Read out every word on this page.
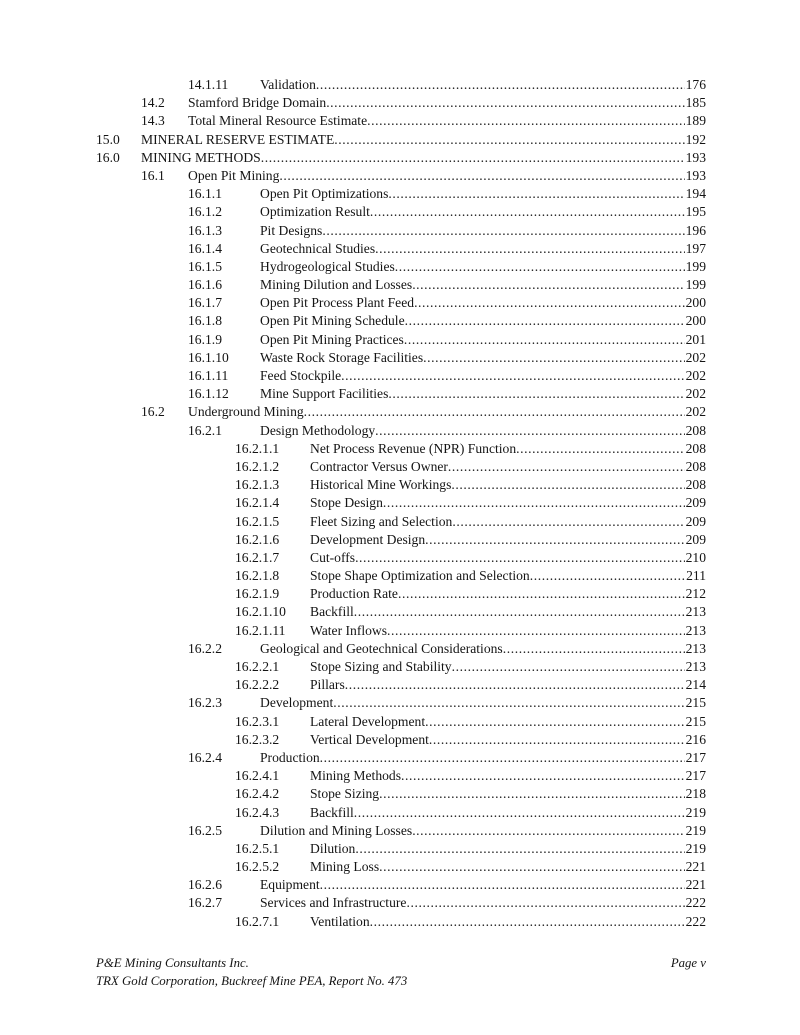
14.1.11	Validation .....	176
14.2	Stamford Bridge Domain .....	185
14.3	Total Mineral Resource Estimate .....	189
15.0	MINERAL RESERVE ESTIMATE .....	192
16.0	MINING METHODS .....	193
16.1	Open Pit Mining .....	193
16.1.1	Open Pit Optimizations .....	194
16.1.2	Optimization Result .....	195
16.1.3	Pit Designs .....	196
16.1.4	Geotechnical Studies .....	197
16.1.5	Hydrogeological Studies .....	199
16.1.6	Mining Dilution and Losses .....	199
16.1.7	Open Pit Process Plant Feed .....	200
16.1.8	Open Pit Mining Schedule .....	200
16.1.9	Open Pit Mining Practices .....	201
16.1.10	Waste Rock Storage Facilities .....	202
16.1.11	Feed Stockpile .....	202
16.1.12	Mine Support Facilities .....	202
16.2	Underground Mining .....	202
16.2.1	Design Methodology .....	208
16.2.1.1	Net Process Revenue (NPR) Function .....	208
16.2.1.2	Contractor Versus Owner .....	208
16.2.1.3	Historical Mine Workings .....	208
16.2.1.4	Stope Design .....	209
16.2.1.5	Fleet Sizing and Selection .....	209
16.2.1.6	Development Design .....	209
16.2.1.7	Cut-offs .....	210
16.2.1.8	Stope Shape Optimization and Selection .....	211
16.2.1.9	Production Rate .....	212
16.2.1.10	Backfill .....	213
16.2.1.11	Water Inflows .....	213
16.2.2	Geological and Geotechnical Considerations .....	213
16.2.2.1	Stope Sizing and Stability .....	213
16.2.2.2	Pillars .....	214
16.2.3	Development .....	215
16.2.3.1	Lateral Development .....	215
16.2.3.2	Vertical Development .....	216
16.2.4	Production .....	217
16.2.4.1	Mining Methods .....	217
16.2.4.2	Stope Sizing .....	218
16.2.4.3	Backfill .....	219
16.2.5	Dilution and Mining Losses .....	219
16.2.5.1	Dilution .....	219
16.2.5.2	Mining Loss .....	221
16.2.6	Equipment .....	221
16.2.7	Services and Infrastructure .....	222
16.2.7.1	Ventilation .....	222
P&E Mining Consultants Inc.	Page v
TRX Gold Corporation, Buckreef Mine PEA, Report No. 473
